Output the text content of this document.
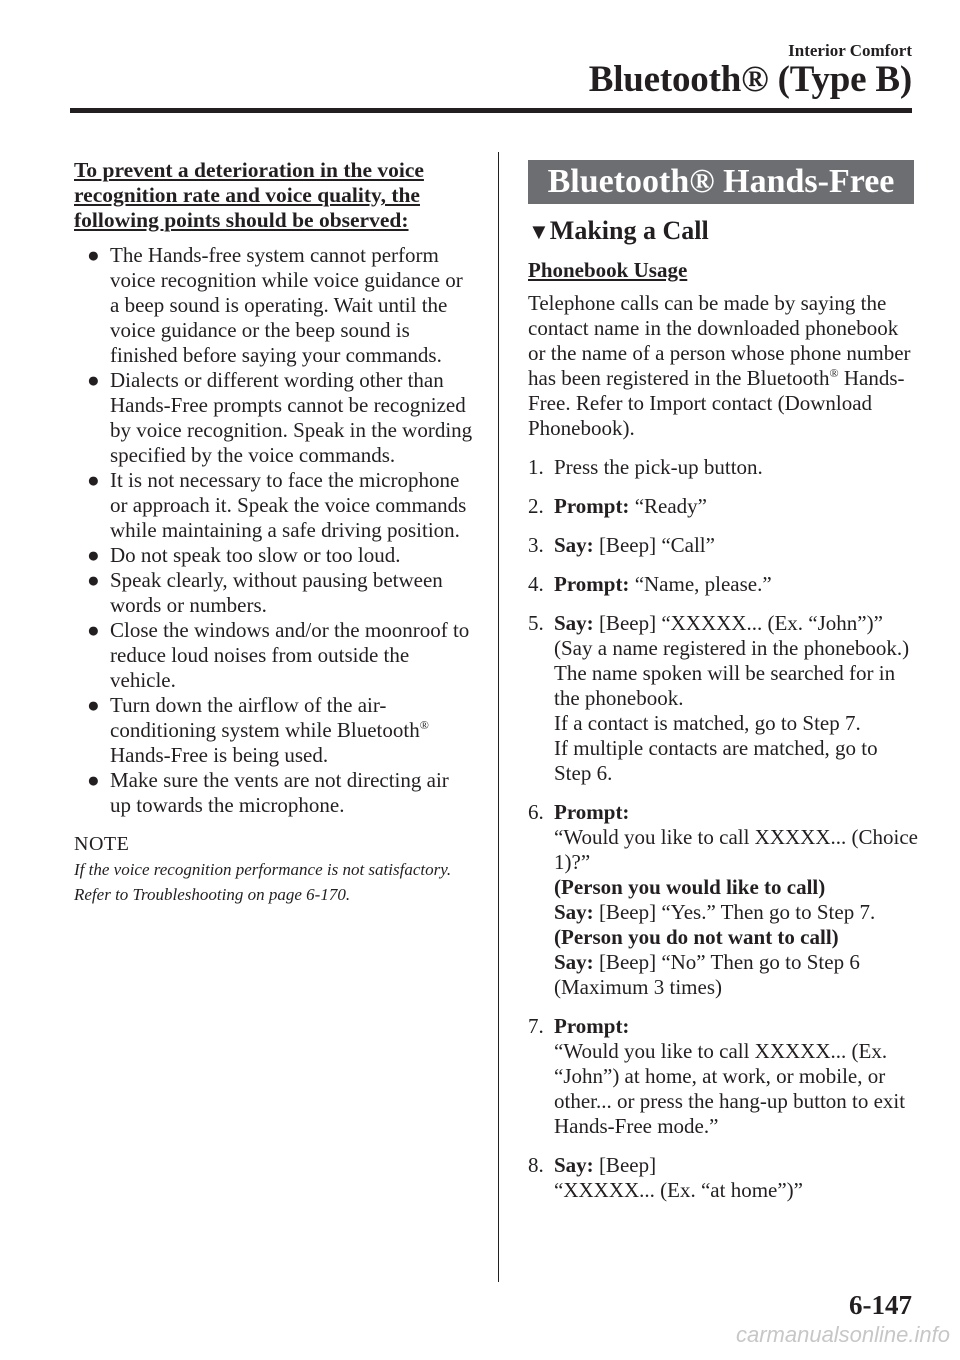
Interior Comfort
Bluetooth® (Type B)
To prevent a deterioration in the voice recognition rate and voice quality, the following points should be observed:
● The Hands-free system cannot perform voice recognition while voice guidance or a beep sound is operating. Wait until the voice guidance or the beep sound is finished before saying your commands.
● Dialects or different wording other than Hands-Free prompts cannot be recognized by voice recognition. Speak in the wording specified by the voice commands.
● It is not necessary to face the microphone or approach it. Speak the voice commands while maintaining a safe driving position.
● Do not speak too slow or too loud.
● Speak clearly, without pausing between words or numbers.
● Close the windows and/or the moonroof to reduce loud noises from outside the vehicle.
● Turn down the airflow of the air-conditioning system while Bluetooth® Hands-Free is being used.
● Make sure the vents are not directing air up towards the microphone.
NOTE
If the voice recognition performance is not satisfactory.
Refer to Troubleshooting on page 6-170.
Bluetooth® Hands-Free
▼Making a Call
Phonebook Usage
Telephone calls can be made by saying the contact name in the downloaded phonebook or the name of a person whose phone number has been registered in the Bluetooth® Hands-Free. Refer to Import contact (Download Phonebook).
1. Press the pick-up button.
2. Prompt: “Ready”
3. Say: [Beep] “Call”
4. Prompt: “Name, please.”
5. Say: [Beep] “XXXXX... (Ex. “John”)”
(Say a name registered in the phonebook.)
The name spoken will be searched for in the phonebook.
If a contact is matched, go to Step 7.
If multiple contacts are matched, go to Step 6.
6. Prompt:
“Would you like to call XXXXX... (Choice 1)?”
(Person you would like to call)
Say: [Beep] “Yes.” Then go to Step 7.
(Person you do not want to call)
Say: [Beep] “No” Then go to Step 6 (Maximum 3 times)
7. Prompt:
“Would you like to call XXXXX... (Ex. “John”) at home, at work, or mobile, or other... or press the hang-up button to exit Hands-Free mode.”
8. Say: [Beep]
“XXXXX... (Ex. “at home”)”
6-147
carmanualsonline.info
